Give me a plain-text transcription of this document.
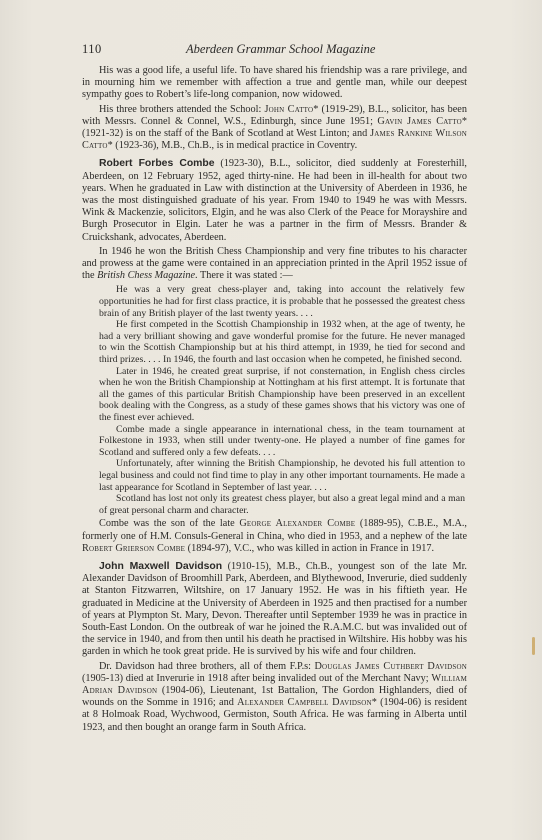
110	Aberdeen Grammar School Magazine

His was a good life, a useful life. To have shared his friendship was a rare privilege, and in mourning him we remember with affection a true and gentle man, while our deepest sympathy goes to Robert’s life-long companion, now widowed.

His three brothers attended the School: John Catto* (1919-29), B.L., solicitor, has been with Messrs. Connel & Connel, W.S., Edinburgh, since June 1951; Gavin James Catto* (1921-32) is on the staff of the Bank of Scotland at West Linton; and James Rankine Wilson Catto* (1923-36), M.B., Ch.B., is in medical practice in Coventry.

Robert Forbes Combe (1923-30), B.L., solicitor, died suddenly at Foresterhill, Aberdeen, on 12 February 1952, aged thirty-nine. He had been in ill-health for about two years. When he graduated in Law with distinction at the University of Aberdeen in 1936, he was the most distinguished graduate of his year. From 1940 to 1949 he was with Messrs. Wink & Mackenzie, solicitors, Elgin, and he was also Clerk of the Peace for Morayshire and Burgh Prosecutor in Elgin. Later he was a partner in the firm of Messrs. Brander & Cruickshank, advocates, Aberdeen.

In 1946 he won the British Chess Championship and very fine tributes to his character and prowess at the game were contained in an appreciation printed in the April 1952 issue of the British Chess Magazine. There it was stated :—

He was a very great chess-player and, taking into account the relatively few opportunities he had for first class practice, it is probable that he possessed the greatest chess brain of any British player of the last twenty years. . . .

He first competed in the Scottish Championship in 1932 when, at the age of twenty, he had a very brilliant showing and gave wonderful promise for the future. He never managed to win the Scottish Championship but at his third attempt, in 1939, he tied for second and third prizes. . . . In 1946, the fourth and last occasion when he competed, he finished second.

Later in 1946, he created great surprise, if not consternation, in English chess circles when he won the British Championship at Nottingham at his first attempt. It is fortunate that all the games of this particular British Championship have been preserved in an excellent book dealing with the Congress, as a study of these games shows that his victory was one of the finest ever achieved.

Combe made a single appearance in international chess, in the team tournament at Folkestone in 1933, when still under twenty-one. He played a number of fine games for Scotland and suffered only a few defeats. . . .

Unfortunately, after winning the British Championship, he devoted his full attention to legal business and could not find time to play in any other important tournaments. He made a last appearance for Scotland in September of last year. . . .

Scotland has lost not only its greatest chess player, but also a great legal mind and a man of great personal charm and character.

Combe was the son of the late George Alexander Combe (1889-95), C.B.E., M.A., formerly one of H.M. Consuls-General in China, who died in 1953, and a nephew of the late Robert Grierson Combe (1894-97), V.C., who was killed in action in France in 1917.

John Maxwell Davidson (1910-15), M.B., Ch.B., youngest son of the late Mr. Alexander Davidson of Broomhill Park, Aberdeen, and Blythewood, Inverurie, died suddenly at Stanton Fitzwarren, Wiltshire, on 17 January 1952. He was in his fiftieth year. He graduated in Medicine at the University of Aberdeen in 1925 and then practised for a number of years at Plympton St. Mary, Devon. Thereafter until September 1939 he was in practice in South-East London. On the outbreak of war he joined the R.A.M.C. but was invalided out of the service in 1940, and from then until his death he practised in Wiltshire. His hobby was his garden in which he took great pride. He is survived by his wife and four children.

Dr. Davidson had three brothers, all of them F.P.s: Douglas James Cuthbert Davidson (1905-13) died at Inverurie in 1918 after being invalided out of the Merchant Navy; William Adrian Davidson (1904-06), Lieutenant, 1st Battalion, The Gordon Highlanders, died of wounds on the Somme in 1916; and Alexander Campbell Davidson* (1904-06) is resident at 8 Holmoak Road, Wychwood, Germiston, South Africa. He was farming in Alberta until 1923, and then bought an orange farm in South Africa.
